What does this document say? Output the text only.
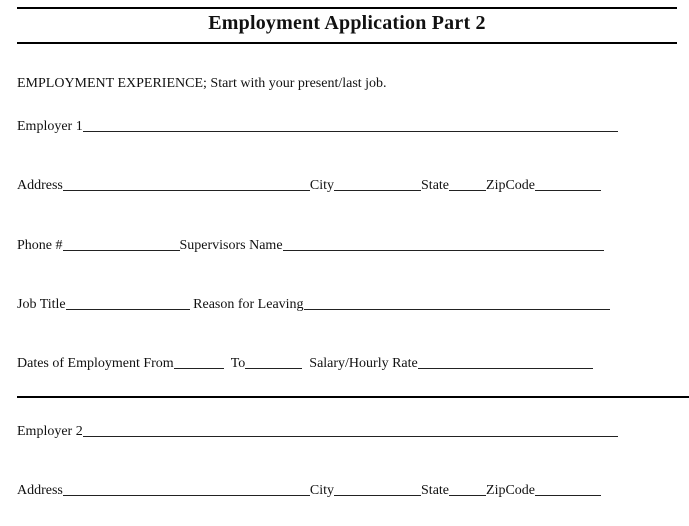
Employment Application Part 2
EMPLOYMENT EXPERIENCE; Start with your present/last job.
Employer 1
Address	City	State	ZipCode
Phone #	Supervisors Name
Job Title	Reason for Leaving
Dates of Employment From	To	Salary/Hourly Rate
Employer 2
Address	City	State	ZipCode
